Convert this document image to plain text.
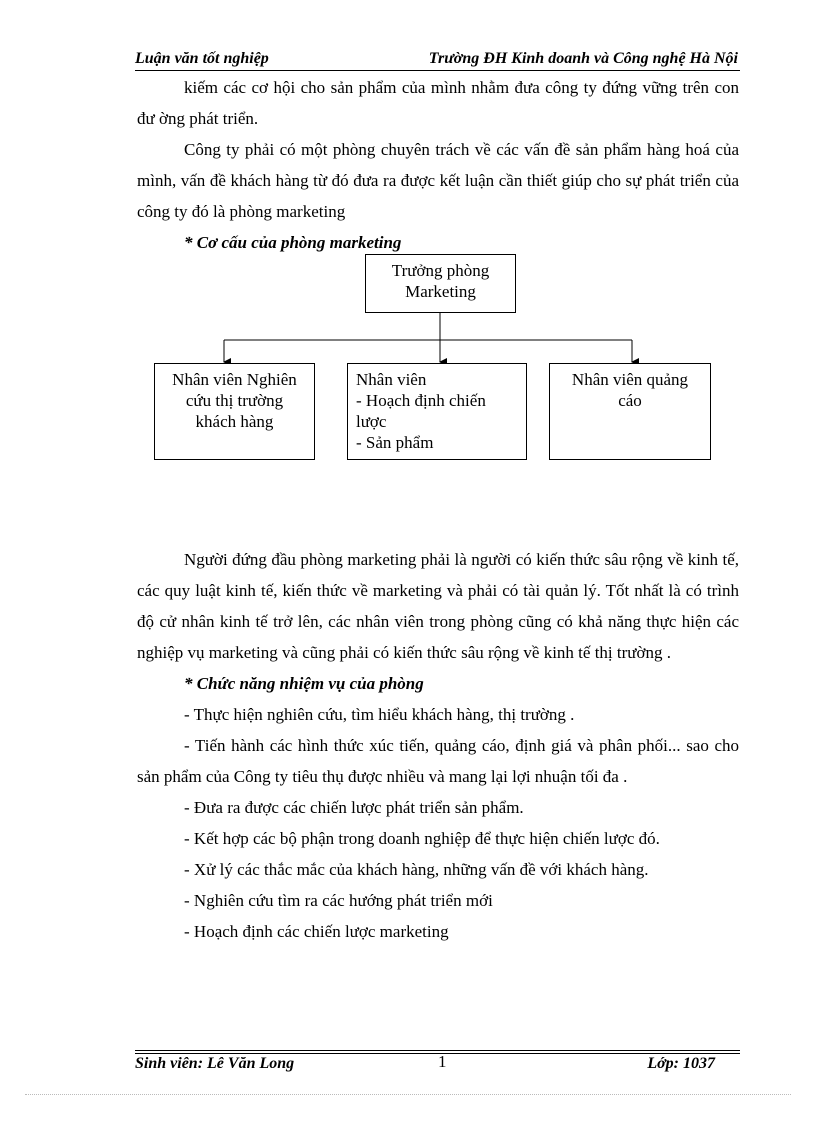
Luận văn tốt nghiệp	Trường ĐH Kinh doanh và Công nghệ Hà Nội

kiếm các cơ hội cho sản phẩm của mình nhằm đưa công ty đứng vững trên con đư ờng phát triển.

Công ty phải có một phòng chuyên trách về các vấn đề sản phẩm hàng hoá của mình, vấn đề khách hàng từ đó đưa ra được kết luận cần thiết giúp cho sự phát triển của công ty đó là phòng marketing

* Cơ cấu của phòng marketing

Trưởng phòng
Marketing
Nhân viên Nghiên
cứu thị trường
khách hàng
Nhân viên
- Hoạch định chiến
lược
- Sản phẩm
Nhân viên quảng
cáo

Người đứng đầu phòng marketing phải là người có kiến thức sâu rộng về kinh tế, các quy luật kinh tế, kiến thức về marketing và phải có tài quản lý. Tốt nhất là có trình độ cử nhân kinh tế trở lên, các nhân viên trong phòng cũng có khả năng thực hiện các nghiệp vụ marketing và cũng phải có kiến thức sâu rộng về kinh tế thị trường .

* Chức năng nhiệm vụ của phòng

- Thực hiện nghiên cứu, tìm hiểu khách hàng, thị trường .

- Tiến hành các hình thức xúc tiến, quảng cáo, định giá và phân phối... sao cho sản phẩm của Công ty tiêu thụ được nhiều và mang lại lợi nhuận tối đa .

- Đưa ra được các chiến lược phát triển sản phẩm.

- Kết hợp các bộ phận trong doanh nghiệp để thực hiện chiến lược đó.

- Xử lý các thắc mắc của khách hàng, những vấn đề với khách hàng.

- Nghiên cứu tìm ra các hướng phát triển mới

- Hoạch định các chiến lược marketing

Sinh viên: Lê Văn Long	1	Lớp: 1037
